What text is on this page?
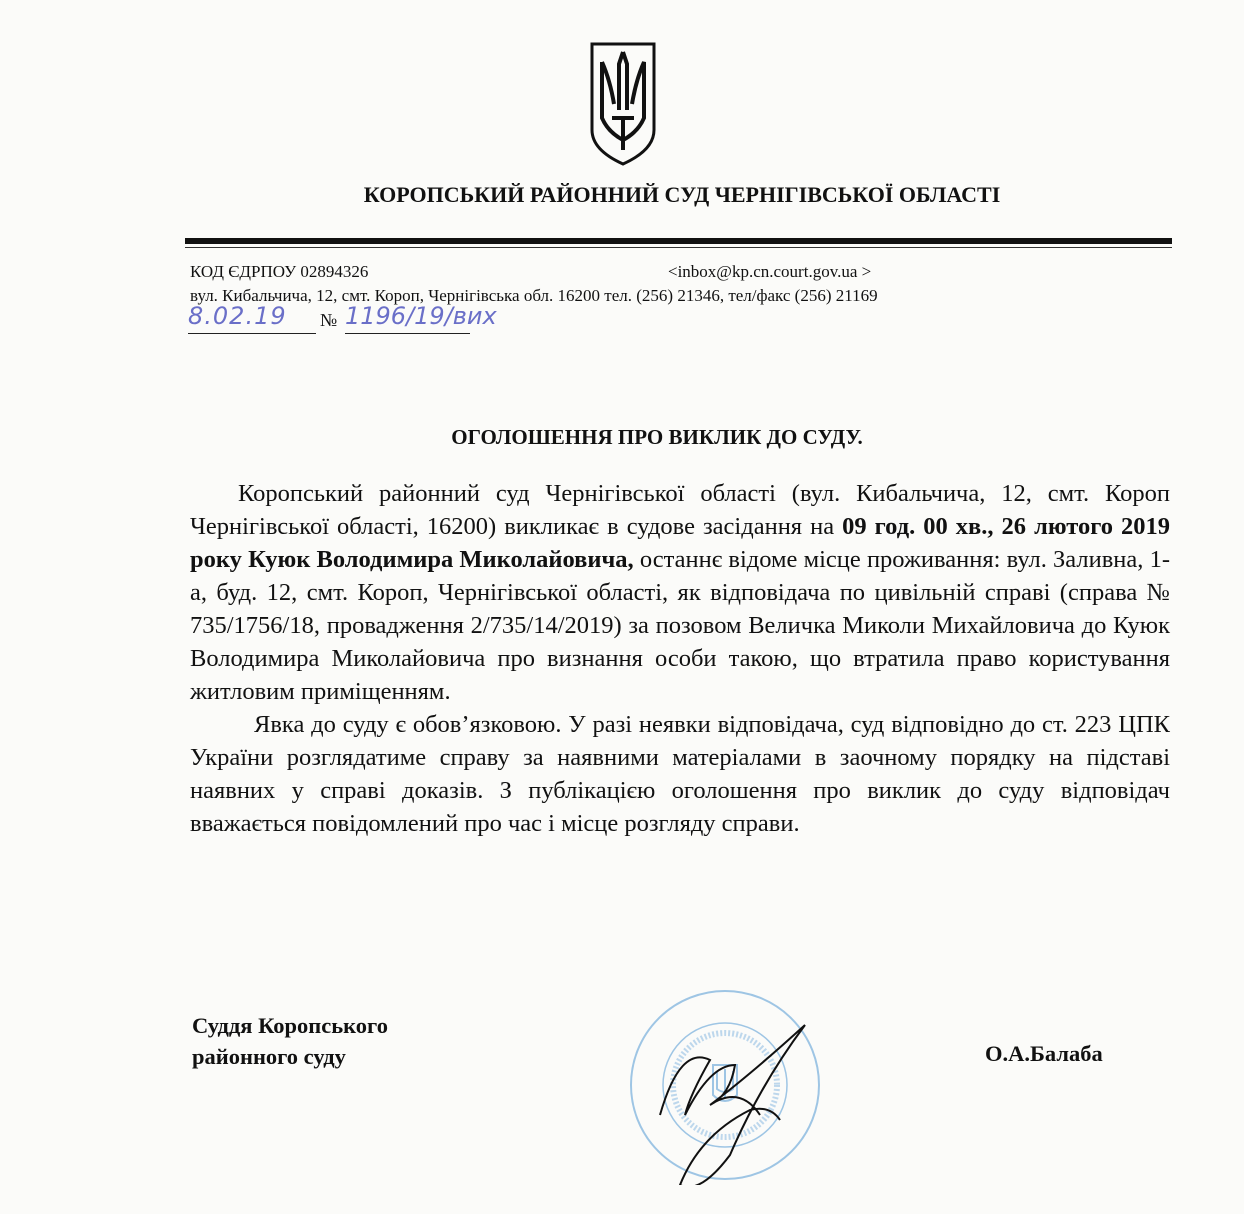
КОРОПСЬКИЙ РАЙОННИЙ СУД ЧЕРНІГІВСЬКОЇ ОБЛАСТІ
КОД ЄДРПОУ 02894326	<inbox@kp.cn.court.gov.ua >
вул. Кибальчича, 12, смт. Короп, Чернігівська обл. 16200 тел. (256) 21346, тел/факс (256) 21169
8.02.19 № 1196/19/вих
ОГОЛОШЕННЯ ПРО ВИКЛИК ДО СУДУ.

Коропський районний суд Чернігівської області (вул. Кибальчича, 12, смт. Короп Чернігівської області, 16200) викликає в судове засідання на 09 год. 00 хв., 26 лютого 2019 року Куюк Володимира Миколайовича, останнє відоме місце проживання: вул. Заливна, 1-а, буд. 12, смт. Короп, Чернігівської області, як відповідача по цивільній справі (справа № 735/1756/18, провадження 2/735/14/2019) за позовом Величка Миколи Михайловича до Куюк Володимира Миколайовича про визнання особи такою, що втратила право користування житловим приміщенням.

Явка до суду є обов’язковою. У разі неявки відповідача, суд відповідно до ст. 223 ЦПК України розглядатиме справу за наявними матеріалами в заочному порядку на підставі наявних у справі доказів. З публікацією оголошення про виклик до суду відповідач вважається повідомлений про час і місце розгляду справи.

Суддя Коропського
районного суду	О.А.Балаба
